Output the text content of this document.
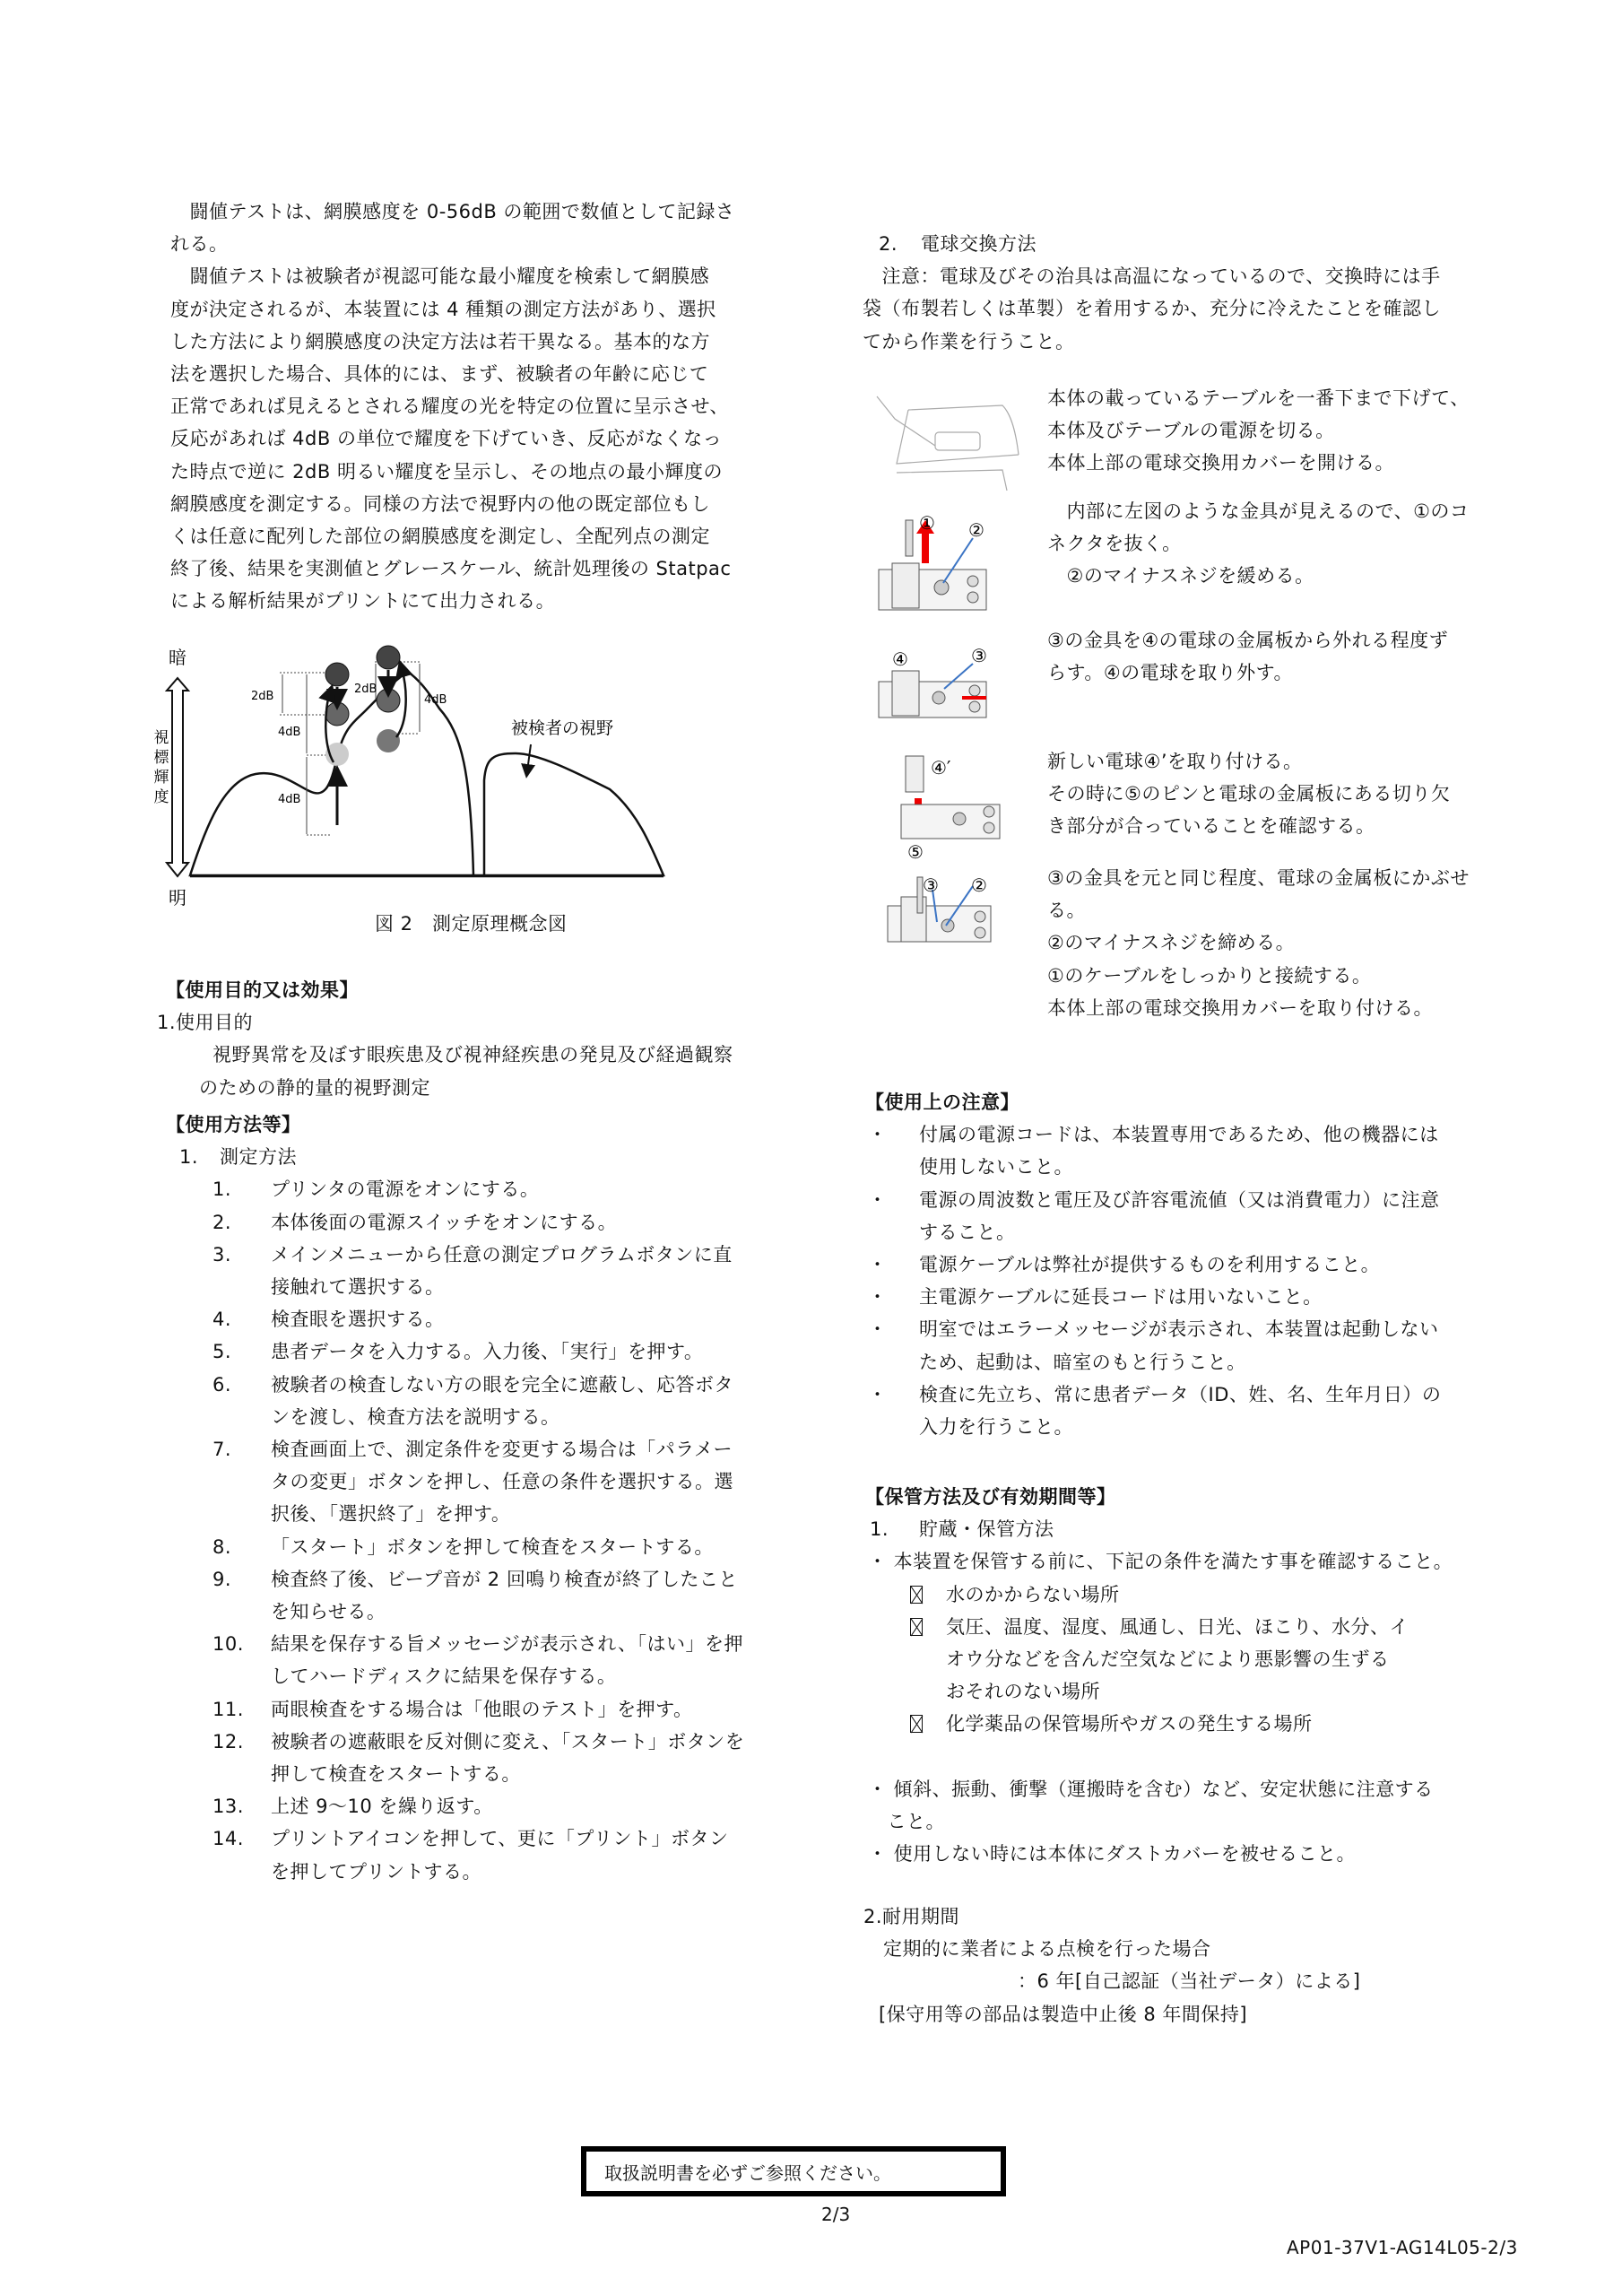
　闘値テストは、網膜感度を 0-56dB の範囲で数値として記録さ
れる。
　闘値テストは被験者が視認可能な最小耀度を検索して網膜感
度が決定されるが、本装置には 4 種類の測定方法があり、選択
した方法により網膜感度の決定方法は若干異なる。基本的な方
法を選択した場合、具体的には、まず、被験者の年齢に応じて
正常であれば見えるとされる耀度の光を特定の位置に呈示させ、
反応があれば 4dB の単位で耀度を下げていき、反応がなくなっ
た時点で逆に 2dB 明るい耀度を呈示し、その地点の最小輝度の
網膜感度を測定する。同様の方法で視野内の他の既定部位もし
くは任意に配列した部位の網膜感度を測定し、全配列点の測定
終了後、結果を実測値とグレースケール、統計処理後の Statpac
による解析結果がプリントにて出力される。
図 2　測定原理概念図
【使用目的又は効果】
1.使用目的
視野異常を及ぼす眼疾患及び視神経疾患の発見及び経過観察
のための静的量的視野測定
【使用方法等】
1. 測定方法
1. プリンタの電源をオンにする。
2. 本体後面の電源スイッチをオンにする。
3. メインメニューから任意の測定プログラムボタンに直
接触れて選択する。
4. 検査眼を選択する。
5. 患者データを入力する。入力後、「実行」を押す。
6. 被験者の検査しない方の眼を完全に遮蔽し、応答ボタ
ンを渡し、検査方法を説明する。
7. 検査画面上で、測定条件を変更する場合は「パラメー
タの変更」ボタンを押し、任意の条件を選択する。選
択後、「選択終了」を押す。
8. 「スタート」ボタンを押して検査をスタートする。
9. 検査終了後、ビープ音が 2 回鳴り検査が終了したこと
を知らせる。
10. 結果を保存する旨メッセージが表示され、「はい」を押
してハードディスクに結果を保存する。
11. 両眼検査をする場合は「他眼のテスト」を押す。
12. 被験者の遮蔽眼を反対側に変え、「スタート」ボタンを
押して検査をスタートする。
13. 上述 9～10 を繰り返す。
14. プリントアイコンを押して、更に「プリント」ボタン
を押してプリントする。
2. 電球交換方法
　注意：電球及びその治具は高温になっているので、交換時には手
袋（布製若しくは革製）を着用するか、充分に冷えたことを確認し
てから作業を行うこと。
本体の載っているテーブルを一番下まで下げて、
本体及びテーブルの電源を切る。
本体上部の電球交換用カバーを開ける。
　内部に左図のような金具が見えるので、①のコ
ネクタを抜く。
　②のマイナスネジを緩める。
③の金具を④の電球の金属板から外れる程度ず
らす。④の電球を取り外す。
新しい電球④’を取り付ける。
その時に⑤のピンと電球の金属板にある切り欠
き部分が合っていることを確認する。
③の金具を元と同じ程度、電球の金属板にかぶせ
る。
②のマイナスネジを締める。
①のケーブルをしっかりと接続する。
本体上部の電球交換用カバーを取り付ける。
【使用上の注意】
・ 付属の電源コードは、本装置専用であるため、他の機器には
使用しないこと。
・ 電源の周波数と電圧及び許容電流値（又は消費電力）に注意
すること。
・ 電源ケーブルは弊社が提供するものを利用すること。
・ 主電源ケーブルに延長コードは用いないこと。
・ 明室ではエラーメッセージが表示され、本装置は起動しない
ため、起動は、暗室のもと行うこと。
・ 検査に先立ち、常に患者データ（ID、姓、名、生年月日）の
入力を行うこと。
【保管方法及び有効期間等】
1. 貯蔵・保管方法
・ 本装置を保管する前に、下記の条件を満たす事を確認すること。
水のかからない場所
気圧、温度、湿度、風通し、日光、ほこり、水分、イ
オウ分などを含んだ空気などにより悪影響の生ずる
おそれのない場所
化学薬品の保管場所やガスの発生する場所
・ 傾斜、振動、衝撃（運搬時を含む）など、安定状態に注意する
　こと。
・ 使用しない時には本体にダストカバーを被せること。
2.耐用期間
定期的に業者による点検を行った場合
：6 年[自己認証（当社データ）による]
[保守用等の部品は製造中止後 8 年間保持]
暗
明
視
標
輝
度
2dB
4dB
4dB
2dB
4dB
被検者の視野
① ②
④	③
④′
⑤
③ ②
取扱説明書を必ずご参照ください。
2/3
AP01-37V1-AG14L05-2/3
